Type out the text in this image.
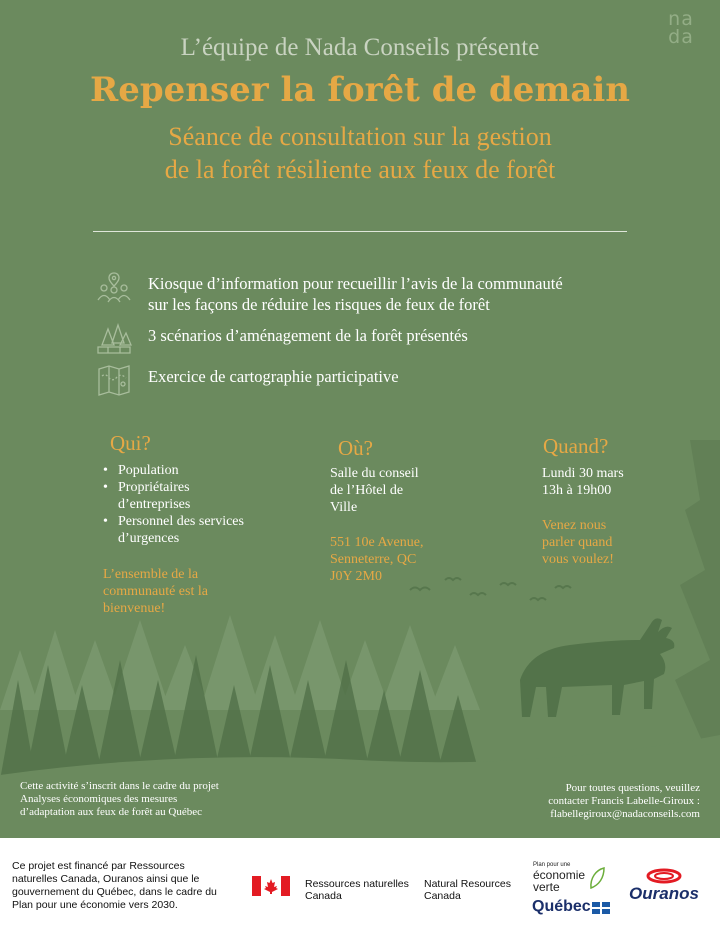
na
da
L’équipe de Nada Conseils présente
Repenser la forêt de demain
Séance de consultation sur la gestion
de la forêt résiliente aux feux de forêt
Kiosque d’information pour recueillir l’avis de la communauté
sur les façons de réduire les risques de feux de forêt
3 scénarios d’aménagement de la forêt présentés
Exercice de cartographie participative
Qui?
• Population
• Propriétaires d’entreprises
• Personnel des services d’urgences
L’ensemble de la
communauté est la
bienvenue!
Où?
Salle du conseil
de l’Hôtel de
Ville
551 10e Avenue,
Senneterre, QC
J0Y 2M0
Quand?
Lundi 30 mars
13h à 19h00
Venez nous
parler quand
vous voulez!
Cette activité s’inscrit dans le cadre du projet
Analyses économiques des mesures
d’adaptation aux feux de forêt au Québec
Pour toutes questions, veuillez
contacter Francis Labelle-Giroux :
flabellegiroux@nadaconseils.com
Ce projet est financé par Ressources naturelles Canada, Ouranos ainsi que le gouvernement du Québec, dans le cadre du Plan pour une économie vers 2030.
Ressources naturelles
Canada
Natural Resources
Canada
Plan pour une
économie
verte
Québec
Ouranos
